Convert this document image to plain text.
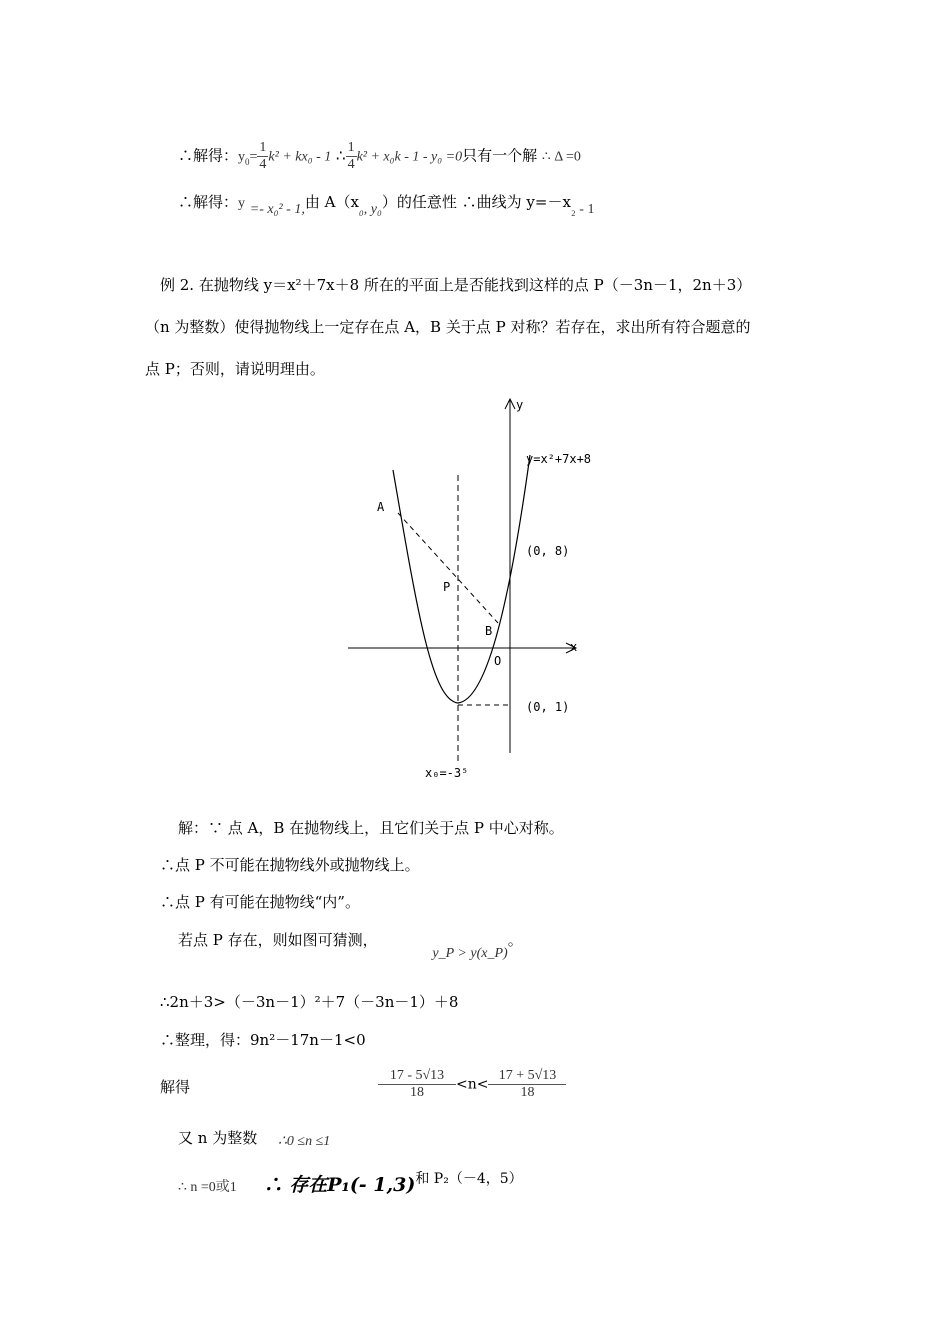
∴解得：$y_0= \frac{1}{4} k^2 + kx_0 - 1$ ∴ $\frac{1}{4} k^2 + x_0k - 1 - y_0 =0$只有一个解 ∴ Δ =0
∴解得：y =- x₀² - 1,由 A（x₀, y₀）的任意性 ∴曲线为 y=－x₂ - 1
例 2. 在抛物线 y＝x²＋7x＋8 所在的平面上是否能找到这样的点 P（－3n－1，2n＋3）
（n 为整数）使得抛物线上一定存在点 A，B 关于点 P 对称？若存在，求出所有符合题意的
点 P；否则，请说明理由。
y
x
y=x²+7x+8
A
P
B
O
(0, 8)
(0, 1)
x₀=-3⁵
解：∵ 点 A，B 在抛物线上，且它们关于点 P 中心对称。
∴点 P 不可能在抛物线外或抛物线上。
∴点 P 有可能在抛物线“内”。
若点 P 存在，则如图可猜测， y_P > y(x_P)。
∴2n＋3>（－3n－1）²＋7（－3n－1）＋8
∴整理，得：9n²－17n－1<0
解得	$\frac{17 - 5√13}{18} <n< \frac{17 + 5√13}{18}$
又 n 为整数 ∴0 ≤n ≤1
∴ n =0或1 ∴ 存在P₁(- 1,3)和 P₂（－4，5）
